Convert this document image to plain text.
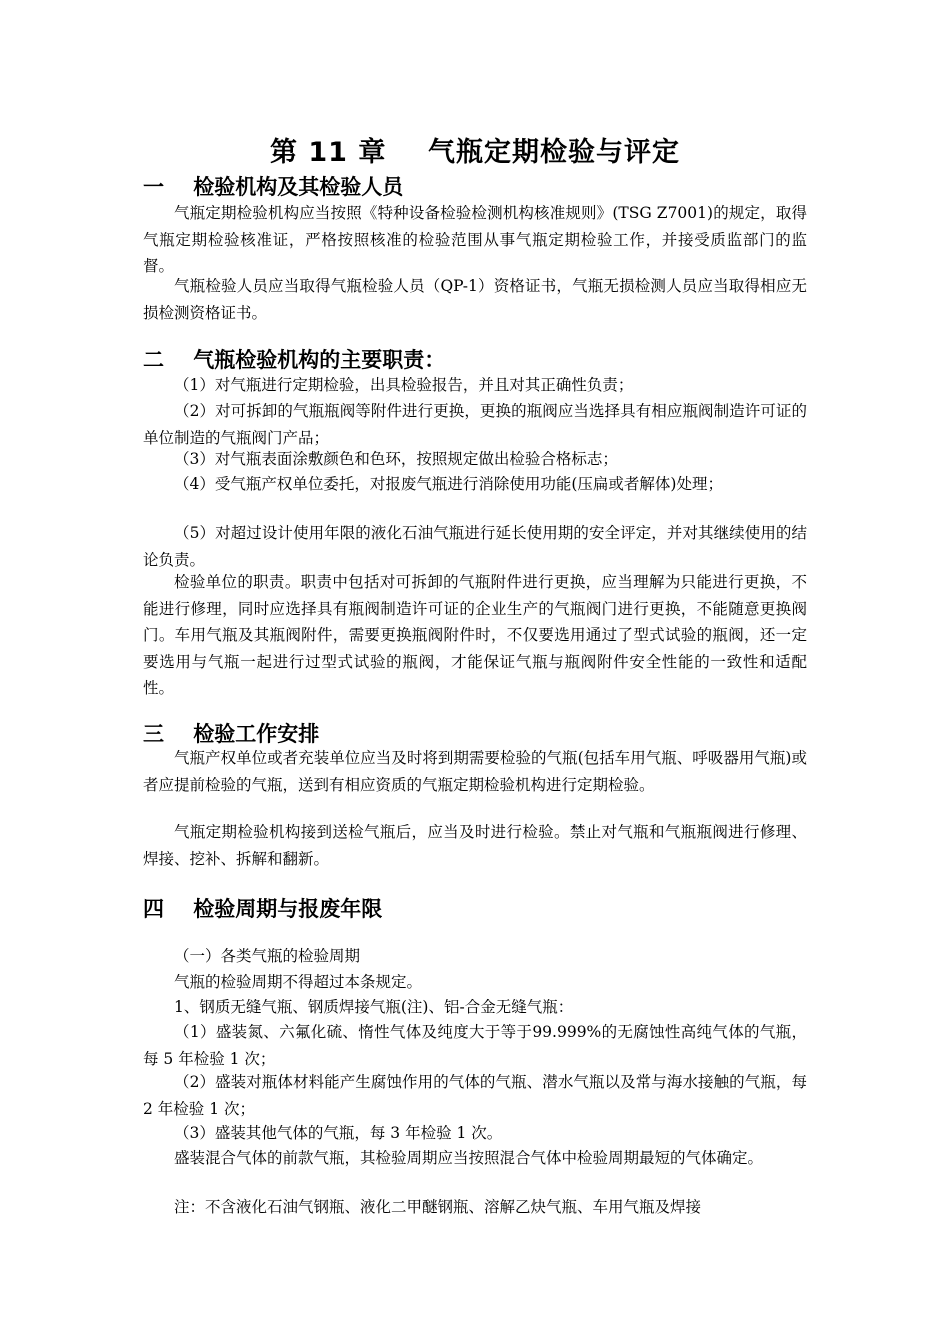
第 11 章    气瓶定期检验与评定
一    检验机构及其检验人员
气瓶定期检验机构应当按照《特种设备检验检测机构核准规则》(TSG Z7001)的规定，取得气瓶定期检验核准证，严格按照核准的检验范围从事气瓶定期检验工作，并接受质监部门的监督。
气瓶检验人员应当取得气瓶检验人员（QP-1）资格证书，气瓶无损检测人员应当取得相应无损检测资格证书。
二    气瓶检验机构的主要职责：
（1）对气瓶进行定期检验，出具检验报告，并且对其正确性负责；
（2）对可拆卸的气瓶瓶阀等附件进行更换，更换的瓶阀应当选择具有相应瓶阀制造许可证的单位制造的气瓶阀门产品；
（3）对气瓶表面涂敷颜色和色环，按照规定做出检验合格标志；
（4）受气瓶产权单位委托，对报废气瓶进行消除使用功能(压扁或者解体)处理；
（5）对超过设计使用年限的液化石油气瓶进行延长使用期的安全评定，并对其继续使用的结论负责。
检验单位的职责。职责中包括对可拆卸的气瓶附件进行更换，应当理解为只能进行更换，不能进行修理，同时应选择具有瓶阀制造许可证的企业生产的气瓶阀门进行更换，不能随意更换阀门。车用气瓶及其瓶阀附件，需要更换瓶阀附件时，不仅要选用通过了型式试验的瓶阀，还一定要选用与气瓶一起进行过型式试验的瓶阀，才能保证气瓶与瓶阀附件安全性能的一致性和适配性。
三    检验工作安排
气瓶产权单位或者充装单位应当及时将到期需要检验的气瓶(包括车用气瓶、呼吸器用气瓶)或者应提前检验的气瓶，送到有相应资质的气瓶定期检验机构进行定期检验。
气瓶定期检验机构接到送检气瓶后，应当及时进行检验。禁止对气瓶和气瓶瓶阀进行修理、焊接、挖补、拆解和翻新。
四    检验周期与报废年限
（一）各类气瓶的检验周期
气瓶的检验周期不得超过本条规定。
1、钢质无缝气瓶、钢质焊接气瓶(注)、铝-合金无缝气瓶：
（1）盛装氮、六氟化硫、惰性气体及纯度大于等于99.999%的无腐蚀性高纯气体的气瓶，每 5 年检验 1 次；
（2）盛装对瓶体材料能产生腐蚀作用的气体的气瓶、潜水气瓶以及常与海水接触的气瓶，每 2 年检验 1 次；
（3）盛装其他气体的气瓶，每 3 年检验 1 次。
盛装混合气体的前款气瓶，其检验周期应当按照混合气体中检验周期最短的气体确定。
注：不含液化石油气钢瓶、液化二甲醚钢瓶、溶解乙炔气瓶、车用气瓶及焊接
